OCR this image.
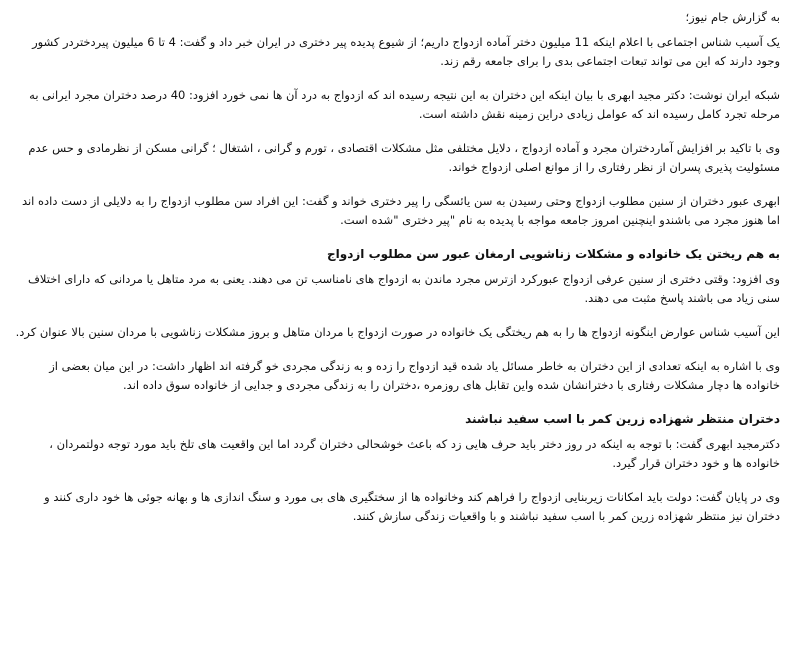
به گزارش جام نیوز؛

یک آسیب شناس اجتماعی با اعلام اینکه 11 میلیون دختر آماده ازدواج داریم؛ از شیوع پدیده پیر دختری در ایران خبر داد و گفت: 4 تا 6 میلیون پیردختردر کشور وجود دارند که این می تواند تبعات اجتماعی بدی را برای جامعه رقم زند.

شبکه ایران نوشت: دکتر مجید ابهری با بیان اینکه این دختران به این نتیجه رسیده اند که ازدواج به درد آن ها نمی خورد افزود: 40 درصد دختران مجرد ایرانی به مرحله تجرد کامل رسیده اند که عوامل زیادی دراین زمینه نقش داشته است.

وی با تاکید بر افزایش آماردختران مجرد و آماده ازدواج ، دلایل مختلفی مثل مشکلات اقتصادی ، تورم و گرانی ، اشتغال ؛ گرانی مسکن از نظرمادی و حس عدم مسئولیت پذیری پسران از نظر رفتاری را از موانع اصلی ازدواج خواند.

ابهری عبور دختران از سنین مطلوب ازدواج وحتی رسیدن به سن یائسگی را پیر دختری خواند و گفت: این افراد سن مطلوب ازدواج را به دلایلی از دست داده اند اما هنوز مجرد می باشندو اینچنین امروز جامعه مواجه با پدیده به نام "پیر دختری "شده است.

به هم ریختن یک خانواده و مشکلات زناشویی ارمغان عبور سن مطلوب ازدواج

وی افزود: وقتی دختری از سنین عرفی ازدواج عبورکرد ازترس مجرد ماندن به ازدواج های نامناسب تن می دهند. یعنی به مرد متاهل یا مردانی که دارای اختلاف سنی زیاد می باشند پاسخ مثبت می دهند.

این آسیب شناس عوارض اینگونه ازدواج ها را به هم ریختگی یک خانواده در صورت ازدواج با مردان متاهل و بروز مشکلات زناشویی با مردان سنین بالا عنوان کرد.

وی با اشاره به اینکه تعدادی از این دختران به خاطر مسائل یاد شده قید ازدواج را زده و به زندگی مجردی خو گرفته اند اظهار داشت: در این میان بعضی از خانواده ها دچار مشکلات رفتاری با دخترانشان شده واین تقابل های روزمره ،دختران را به زندگی مجردی و جدایی از خانواده سوق داده اند.

دختران منتظر شهزاده زرین کمر با اسب سفید نباشند

دکترمجید ابهری گفت: با توجه به اینکه در روز دختر باید حرف هایی زد که باعث خوشحالی دختران گردد اما این واقعیت های تلخ باید مورد توجه دولتمردان ، خانواده ها و خود دختران قرار گیرد.

وی در پایان گفت: دولت باید امکانات زیربنایی ازدواج را فراهم کند وخانواده ها از سختگیری های بی مورد و سنگ اندازی ها و بهانه جوئی ها خود داری کنند و دختران نیز منتظر شهزاده زرین کمر با اسب سفید نباشند و با واقعیات زندگی سازش کنند.
